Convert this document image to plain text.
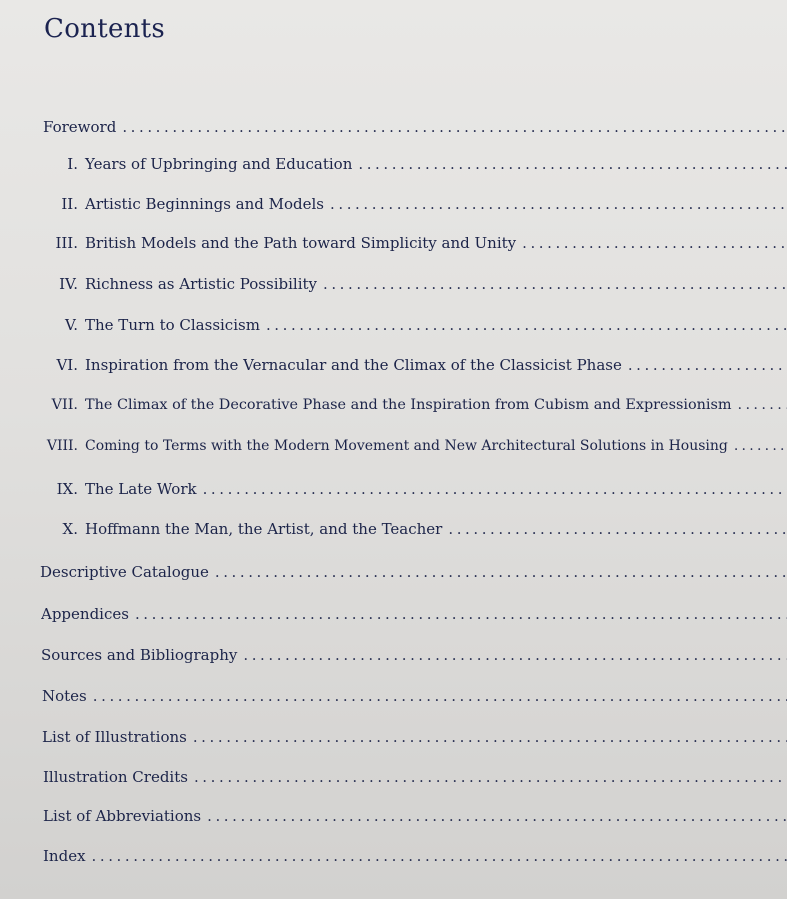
Contents
Foreword
. . .
I. Years of Upbringing and Education
. . .
II. Artistic Beginnings and Models
. . .
III. British Models and the Path toward Simplicity and Unity
. . .
IV. Richness as Artistic Possibility
. . .
V. The Turn to Classicism
. . .
VI. Inspiration from the Vernacular and the Climax of the Classicist Phase
. . .
VII. The Climax of the Decorative Phase and the Inspiration from Cubism and Expressionism
. . .
VIII. Coming to Terms with the Modern Movement and New Architectural Solutions in Housing
. . .
IX. The Late Work
. . .
X. Hoffmann the Man, the Artist, and the Teacher
. . .
Descriptive Catalogue
. . .
Appendices
. . .
Sources and Bibliography
. . .
Notes
. . .
List of Illustrations
. . .
Illustration Credits
. . .
List of Abbreviations
. . .
Index
. . .
